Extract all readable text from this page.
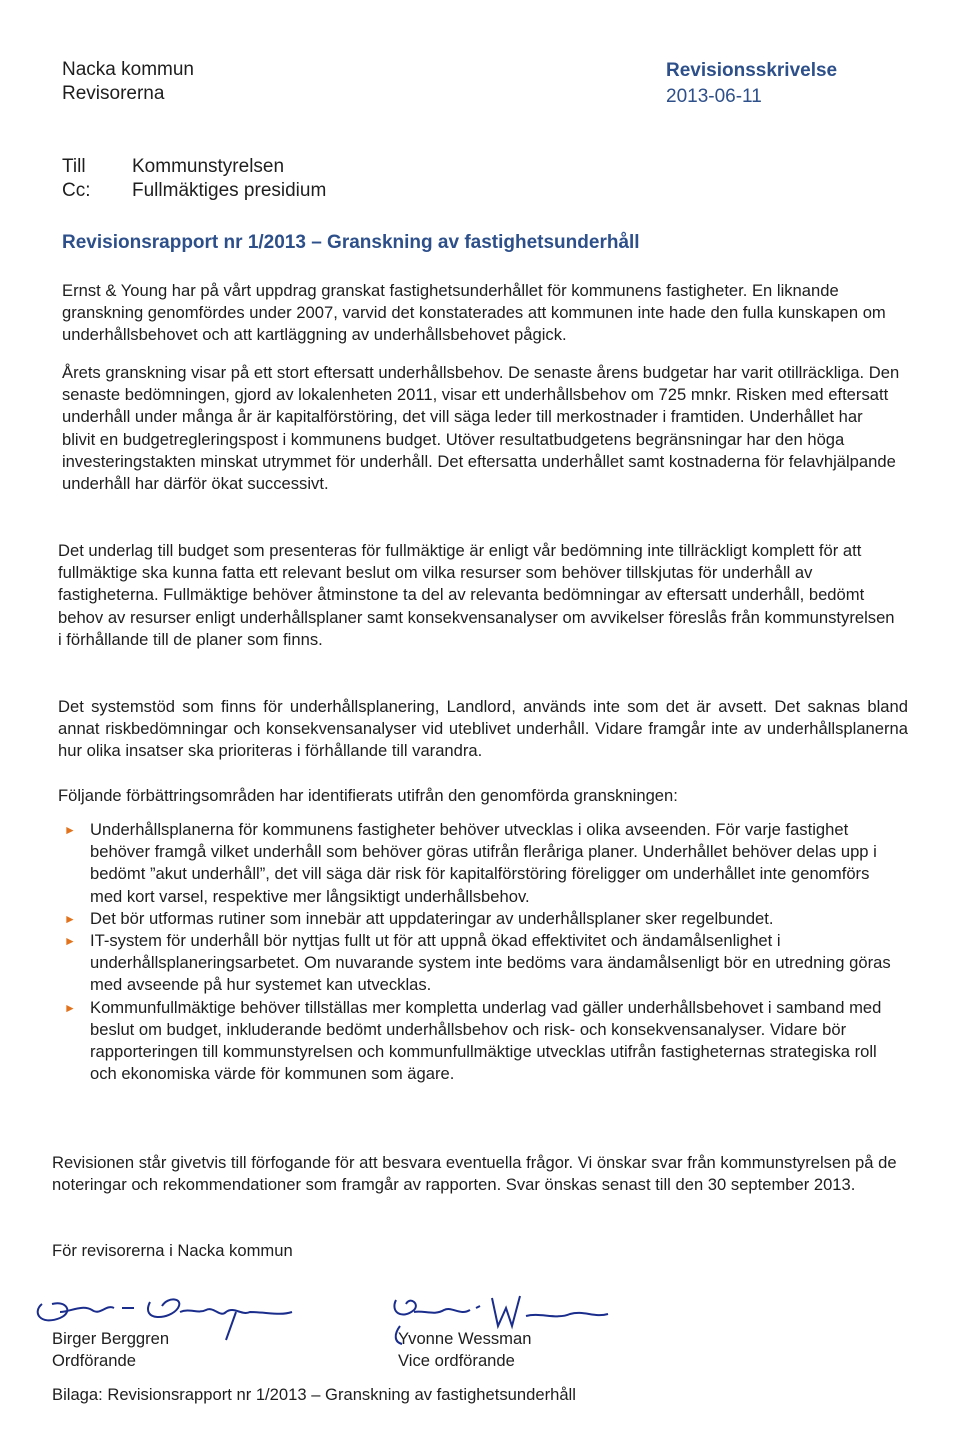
Nacka kommun
Revisorerna
Revisionsskrivelse
2013-06-11
Till	Kommunstyrelsen
Cc:	Fullmäktiges presidium
Revisionsrapport nr 1/2013 – Granskning av fastighetsunderhåll

Ernst & Young har på vårt uppdrag granskat fastighetsunderhållet för kommunens fastigheter. En liknande granskning genomfördes under 2007, varvid det konstaterades att kommunen inte hade den fulla kunskapen om underhållsbehovet och att kartläggning av underhållsbehovet pågick.

Årets granskning visar på ett stort eftersatt underhållsbehov. De senaste årens budgetar har varit otillräckliga. Den senaste bedömningen, gjord av lokalenheten 2011, visar ett underhållsbehov om 725 mnkr. Risken med eftersatt underhåll under många år är kapitalförstöring, det vill säga leder till merkostnader i framtiden. Underhållet har blivit en budgetregleringspost i kommunens budget. Utöver resultatbudgetens begränsningar har den höga investeringstakten minskat utrymmet för underhåll. Det eftersatta underhållet samt kostnaderna för felavhjälpande underhåll har därför ökat successivt.

Det underlag till budget som presenteras för fullmäktige är enligt vår bedömning inte tillräckligt komplett för att fullmäktige ska kunna fatta ett relevant beslut om vilka resurser som behöver tillskjutas för underhåll av fastigheterna. Fullmäktige behöver åtminstone ta del av relevanta bedömningar av eftersatt underhåll, bedömt behov av resurser enligt underhållsplaner samt konsekvensanalyser om avvikelser föreslås från kommunstyrelsen i förhållande till de planer som finns.

Det systemstöd som finns för underhållsplanering, Landlord, används inte som det är avsett. Det saknas bland annat riskbedömningar och konsekvensanalyser vid uteblivet underhåll. Vidare framgår inte av underhållsplanerna hur olika insatser ska prioriteras i förhållande till varandra.

Följande förbättringsområden har identifierats utifrån den genomförda granskningen:

► Underhållsplanerna för kommunens fastigheter behöver utvecklas i olika avseenden. För varje fastighet behöver framgå vilket underhåll som behöver göras utifrån fleråriga planer. Underhållet behöver delas upp i bedömt ”akut underhåll”, det vill säga där risk för kapitalförstöring föreligger om underhållet inte genomförs med kort varsel, respektive mer långsiktigt underhållsbehov.
► Det bör utformas rutiner som innebär att uppdateringar av underhållsplaner sker regelbundet.
► IT-system för underhåll bör nyttjas fullt ut för att uppnå ökad effektivitet och ändamålsenlighet i underhållsplaneringsarbetet. Om nuvarande system inte bedöms vara ändamålsenligt bör en utredning göras med avseende på hur systemet kan utvecklas.
► Kommunfullmäktige behöver tillställas mer kompletta underlag vad gäller underhållsbehovet i samband med beslut om budget, inkluderande bedömt underhållsbehov och risk- och konsekvensanalyser. Vidare bör rapporteringen till kommunstyrelsen och kommunfullmäktige utvecklas utifrån fastigheternas strategiska roll och ekonomiska värde för kommunen som ägare.

Revisionen står givetvis till förfogande för att besvara eventuella frågor. Vi önskar svar från kommunstyrelsen på de noteringar och rekommendationer som framgår av rapporten. Svar önskas senast till den 30 september 2013.

För revisorerna i Nacka kommun
Birger Berggren
Ordförande
Yvonne Wessman
Vice ordförande
Bilaga: Revisionsrapport nr 1/2013 – Granskning av fastighetsunderhåll
